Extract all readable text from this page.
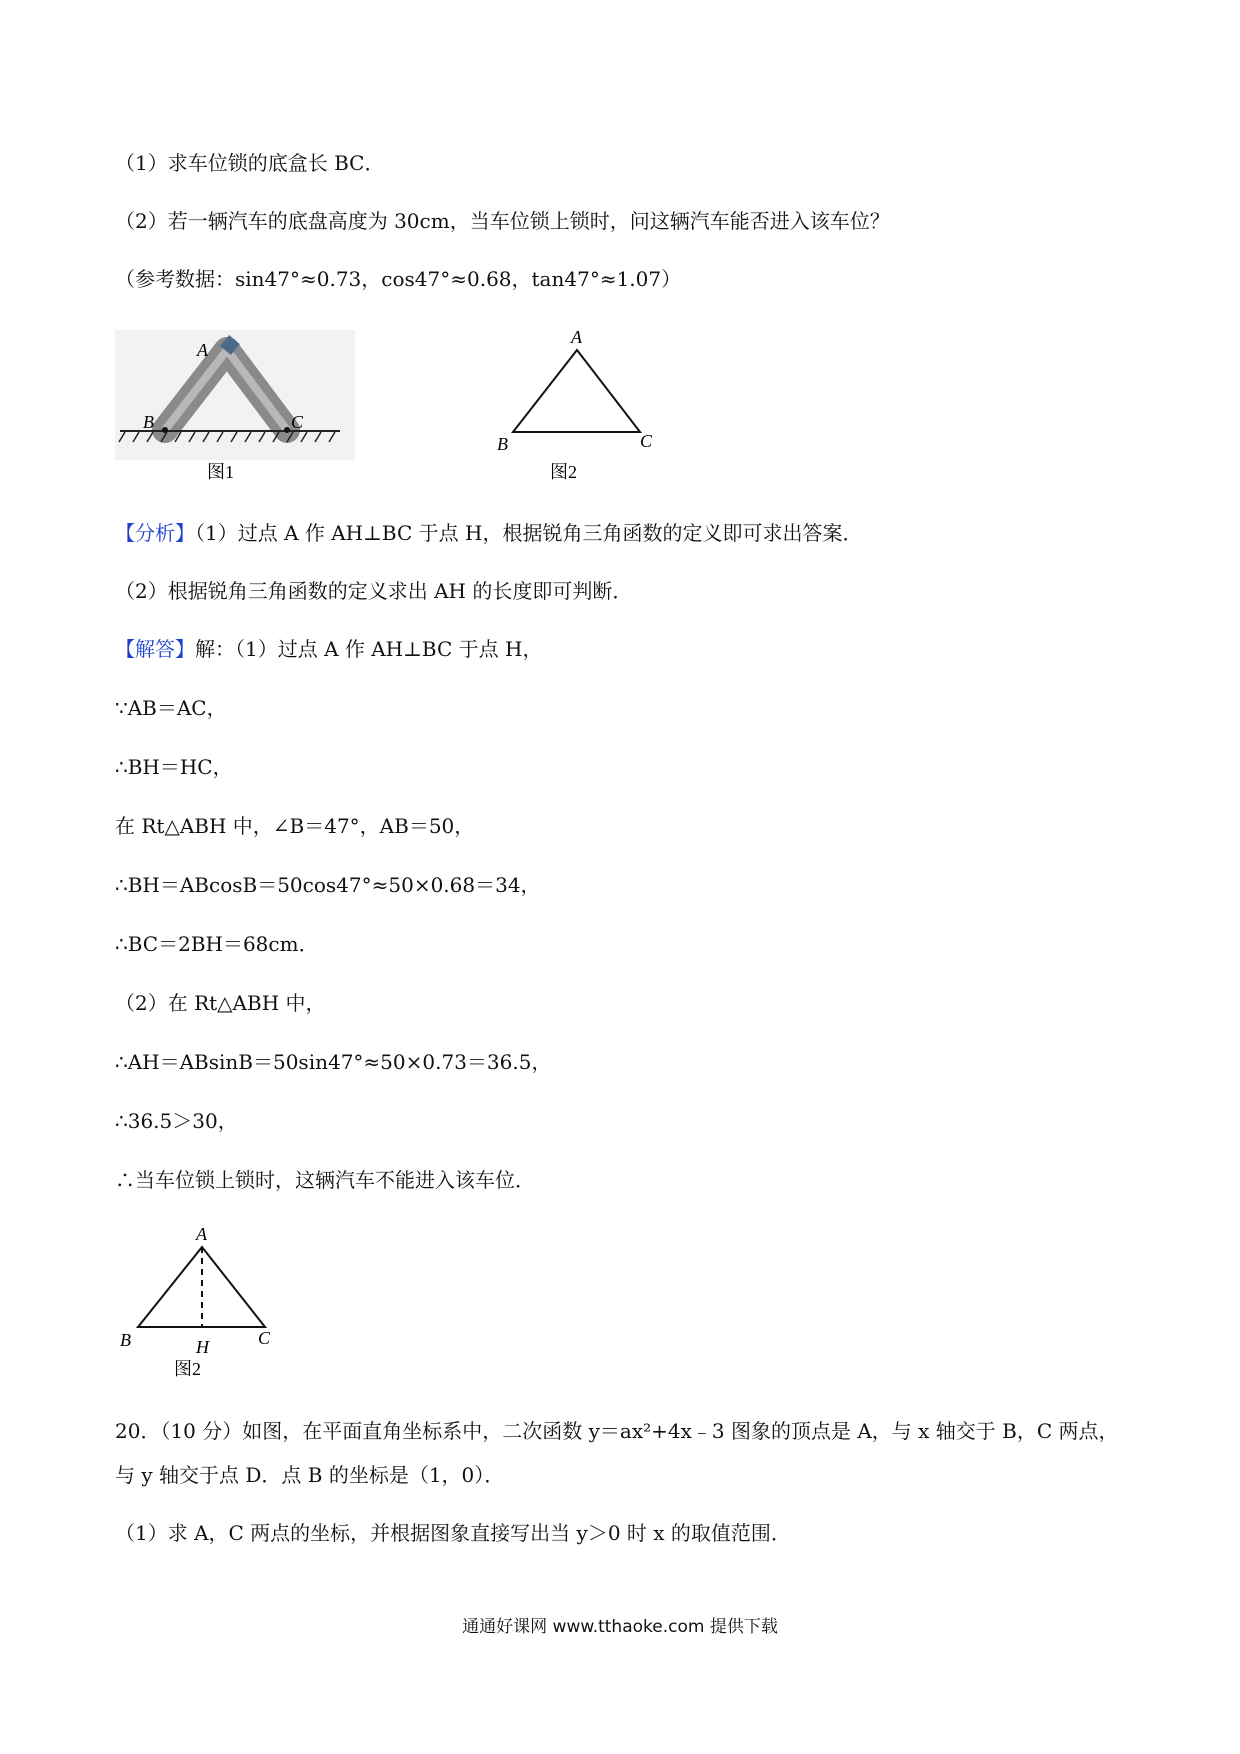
（1）求车位锁的底盒长 BC．
（2）若一辆汽车的底盘高度为 30cm，当车位锁上锁时，问这辆汽车能否进入该车位？
（参考数据：sin47°≈0.73，cos47°≈0.68，tan47°≈1.07）
A
B	C
图1
A
B	C
图2
【分析】（1）过点 A 作 AH⊥BC 于点 H，根据锐角三角函数的定义即可求出答案．
（2）根据锐角三角函数的定义求出 AH 的长度即可判断．
【解答】解：（1）过点 A 作 AH⊥BC 于点 H，
∵AB＝AC，
∴BH＝HC，
在 Rt△ABH 中，∠B＝47°，AB＝50，
∴BH＝ABcosB＝50cos47°≈50×0.68＝34，
∴BC＝2BH＝68cm．
（2）在 Rt△ABH 中，
∴AH＝ABsinB＝50sin47°≈50×0.73＝36.5，
∴36.5＞30，
∴当车位锁上锁时，这辆汽车不能进入该车位．
A
B	C
H
图2
20．（10 分）如图，在平面直角坐标系中，二次函数 y＝ax²+4x﹣3 图象的顶点是 A，与 x 轴交于 B，C 两点，
与 y 轴交于点 D．点 B 的坐标是（1，0）．
（1）求 A，C 两点的坐标，并根据图象直接写出当 y＞0 时 x 的取值范围．
通通好课网 www.tthaoke.com 提供下载
